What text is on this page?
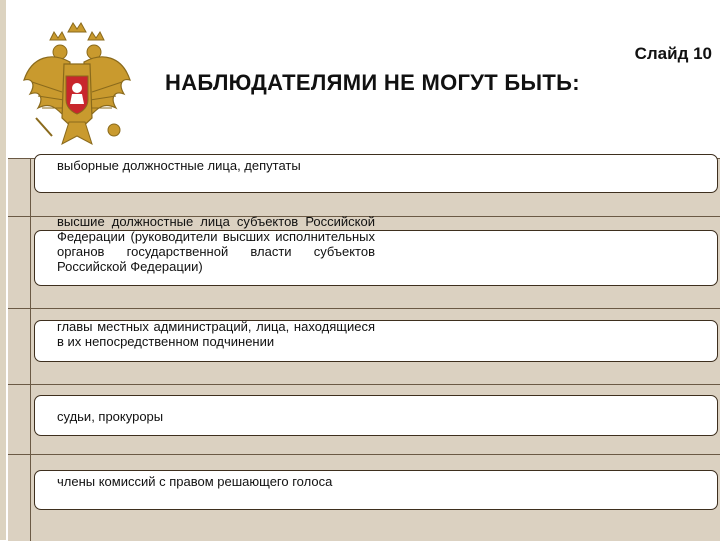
Слайд 10
НАБЛЮДАТЕЛЯМИ НЕ МОГУТ БЫТЬ:
выборные должностные лица, депутаты
высшие должностные лица субъектов Российской Федерации (руководители высших исполнительных органов государственной власти субъектов Российской Федерации)
главы местных администраций, лица, находящиеся в их непосредственном подчинении
судьи, прокуроры
члены комиссий с правом решающего голоса
